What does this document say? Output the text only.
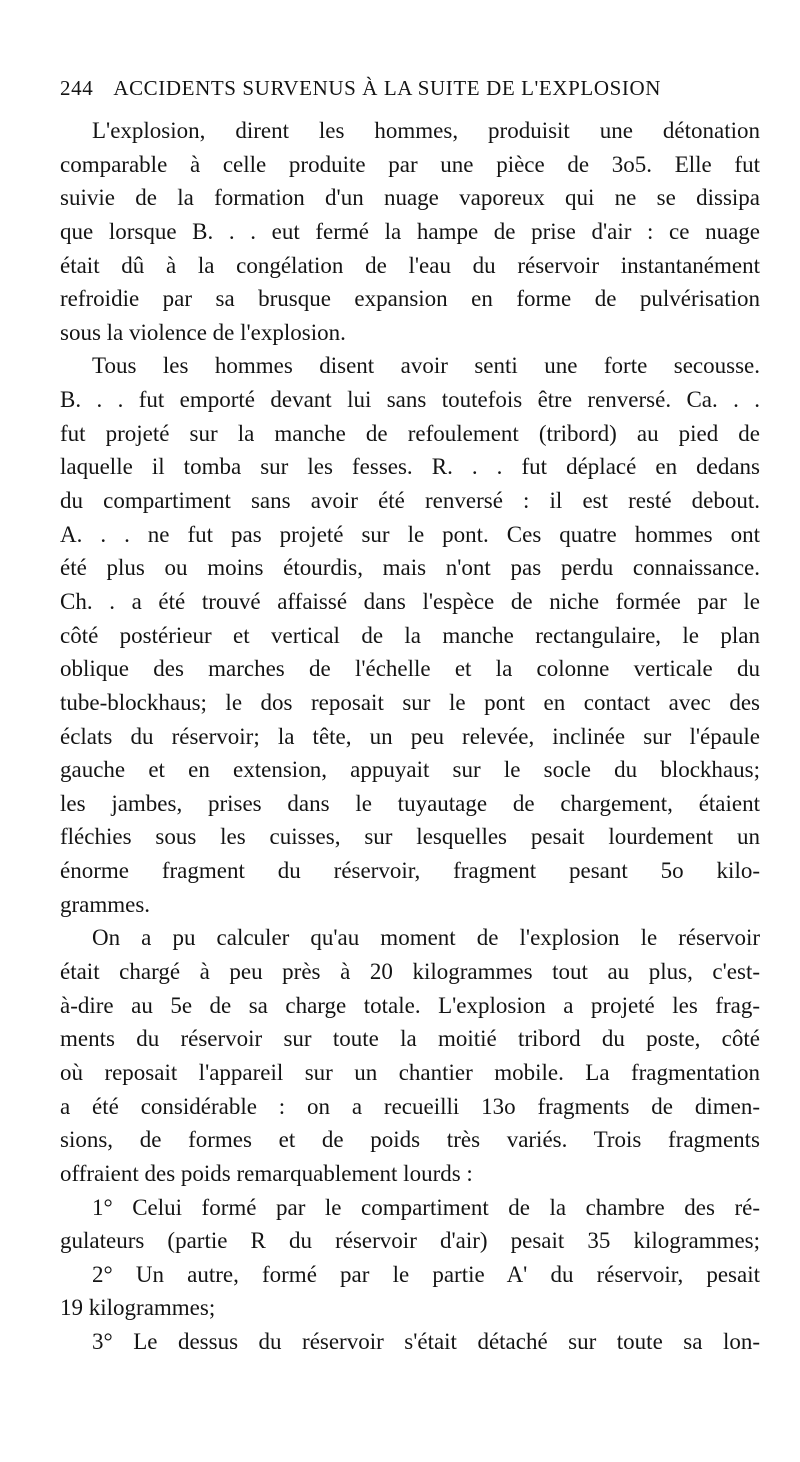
244 ACCIDENTS SURVENUS À LA SUITE DE L'EXPLOSION
L'explosion, dirent les hommes, produisit une détonation
comparable à celle produite par une pièce de 3o5. Elle fut
suivie de la formation d'un nuage vaporeux qui ne se dissipa
que lorsque B. . . eut fermé la hampe de prise d'air : ce nuage
était dû à la congélation de l'eau du réservoir instantanément
refroidie par sa brusque expansion en forme de pulvérisation
sous la violence de l'explosion.
Tous les hommes disent avoir senti une forte secousse.
B. . . fut emporté devant lui sans toutefois être renversé. Ca. . .
fut projeté sur la manche de refoulement (tribord) au pied de
laquelle il tomba sur les fesses. R. . . fut déplacé en dedans
du compartiment sans avoir été renversé : il est resté debout.
A. . . ne fut pas projeté sur le pont. Ces quatre hommes ont
été plus ou moins étourdis, mais n'ont pas perdu connaissance.
Ch. . a été trouvé affaissé dans l'espèce de niche formée par le
côté postérieur et vertical de la manche rectangulaire, le plan
oblique des marches de l'échelle et la colonne verticale du
tube-blockhaus; le dos reposait sur le pont en contact avec des
éclats du réservoir; la tête, un peu relevée, inclinée sur l'épaule
gauche et en extension, appuyait sur le socle du blockhaus;
les jambes, prises dans le tuyautage de chargement, étaient
fléchies sous les cuisses, sur lesquelles pesait lourdement un
énorme fragment du réservoir, fragment pesant 5o kilo-
grammes.
On a pu calculer qu'au moment de l'explosion le réservoir
était chargé à peu près à 20 kilogrammes tout au plus, c'est-
à-dire au 5e de sa charge totale. L'explosion a projeté les frag-
ments du réservoir sur toute la moitié tribord du poste, côté
où reposait l'appareil sur un chantier mobile. La fragmentation
a été considérable : on a recueilli 13o fragments de dimen-
sions, de formes et de poids très variés. Trois fragments
offraient des poids remarquablement lourds :
1° Celui formé par le compartiment de la chambre des ré-
gulateurs (partie R du réservoir d'air) pesait 35 kilogrammes;
2° Un autre, formé par le partie A' du réservoir, pesait
19 kilogrammes;
3° Le dessus du réservoir s'était détaché sur toute sa lon-
